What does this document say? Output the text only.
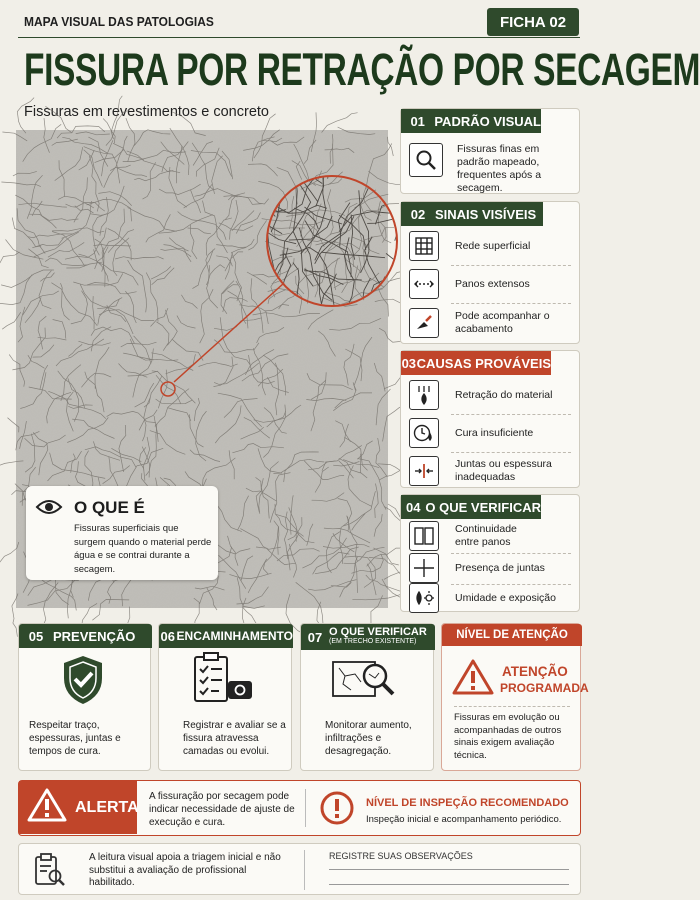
MAPA VISUAL DAS PATOLOGIAS	FICHA 02
FISSURA POR RETRAÇÃO POR SECAGEM
Fissuras em revestimentos e concreto
O QUE É
Fissuras superficiais que surgem quando o material perde água e se contrai durante a secagem.
01 PADRÃO VISUAL
Fissuras finas em padrão mapeado, frequentes após a secagem.
02 SINAIS VISÍVEIS
Rede superficial
Panos extensos
Pode acompanhar o acabamento
03 CAUSAS PROVÁVEIS
Retração do material
Cura insuficiente
Juntas ou espessura inadequadas
04 O QUE VERIFICAR
Continuidade entre panos
Presença de juntas
Umidade e exposição
05 PREVENÇÃO
Respeitar traço, espessuras, juntas e tempos de cura.
06 ENCAMINHAMENTO
Registrar e avaliar se a fissura atravessa camadas ou evolui.
07 O QUE VERIFICAR
(EM TRECHO EXISTENTE)
Monitorar aumento, infiltrações e desagregação.
NÍVEL DE ATENÇÃO
ATENÇÃO
PROGRAMADA
Fissuras em evolução ou acompanhadas de outros sinais exigem avaliação técnica.
ALERTA
A fissuração por secagem pode indicar necessidade de ajuste de execução e cura.
NÍVEL DE INSPEÇÃO RECOMENDADO
Inspeção inicial e acompanhamento periódico.
A leitura visual apoia a triagem inicial e não substitui a avaliação de profissional habilitado.
REGISTRE SUAS OBSERVAÇÕES
